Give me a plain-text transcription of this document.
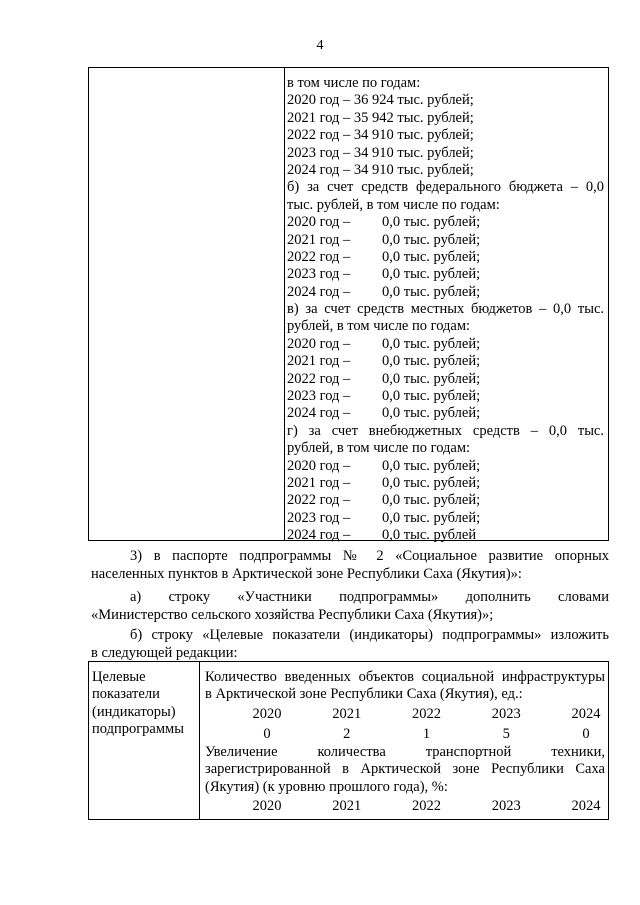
4
в том числе по годам:
2020 год – 36 924 тыс. рублей;
2021 год – 35 942 тыс. рублей;
2022 год – 34 910 тыс. рублей;
2023 год – 34 910 тыс. рублей;
2024 год – 34 910 тыс. рублей;
б) за счет средств федерального бюджета – 0,0
тыс. рублей, в том числе по годам:
2020 год – 0,0 тыс. рублей;
2021 год – 0,0 тыс. рублей;
2022 год – 0,0 тыс. рублей;
2023 год – 0,0 тыс. рублей;
2024 год – 0,0 тыс. рублей;
в) за счет средств местных бюджетов – 0,0 тыс.
рублей, в том числе по годам:
2020 год – 0,0 тыс. рублей;
2021 год – 0,0 тыс. рублей;
2022 год – 0,0 тыс. рублей;
2023 год – 0,0 тыс. рублей;
2024 год – 0,0 тыс. рублей;
г) за счет внебюджетных средств – 0,0 тыс.
рублей, в том числе по годам:
2020 год – 0,0 тыс. рублей;
2021 год – 0,0 тыс. рублей;
2022 год – 0,0 тыс. рублей;
2023 год – 0,0 тыс. рублей;
2024 год – 0,0 тыс. рублей
3) в паспорте подпрограммы № 2 «Социальное развитие опорных
населенных пунктов в Арктической зоне Республики Саха (Якутия)»:
а) строку «Участники подпрограммы» дополнить словами
«Министерство сельского хозяйства Республики Саха (Якутия)»;
б) строку «Целевые показатели (индикаторы) подпрограммы» изложить
в следующей редакции:
Целевые
показатели
(индикаторы)
подпрограммы
Количество введенных объектов социальной инфраструктуры
в Арктической зоне Республики Саха (Якутия), ед.:
2020	2021	2022	2023	2024
0	2	1	5	0
Увеличение количества транспортной техники,
зарегистрированной в Арктической зоне Республики Саха
(Якутия) (к уровню прошлого года), %:
2020	2021	2022	2023	2024
